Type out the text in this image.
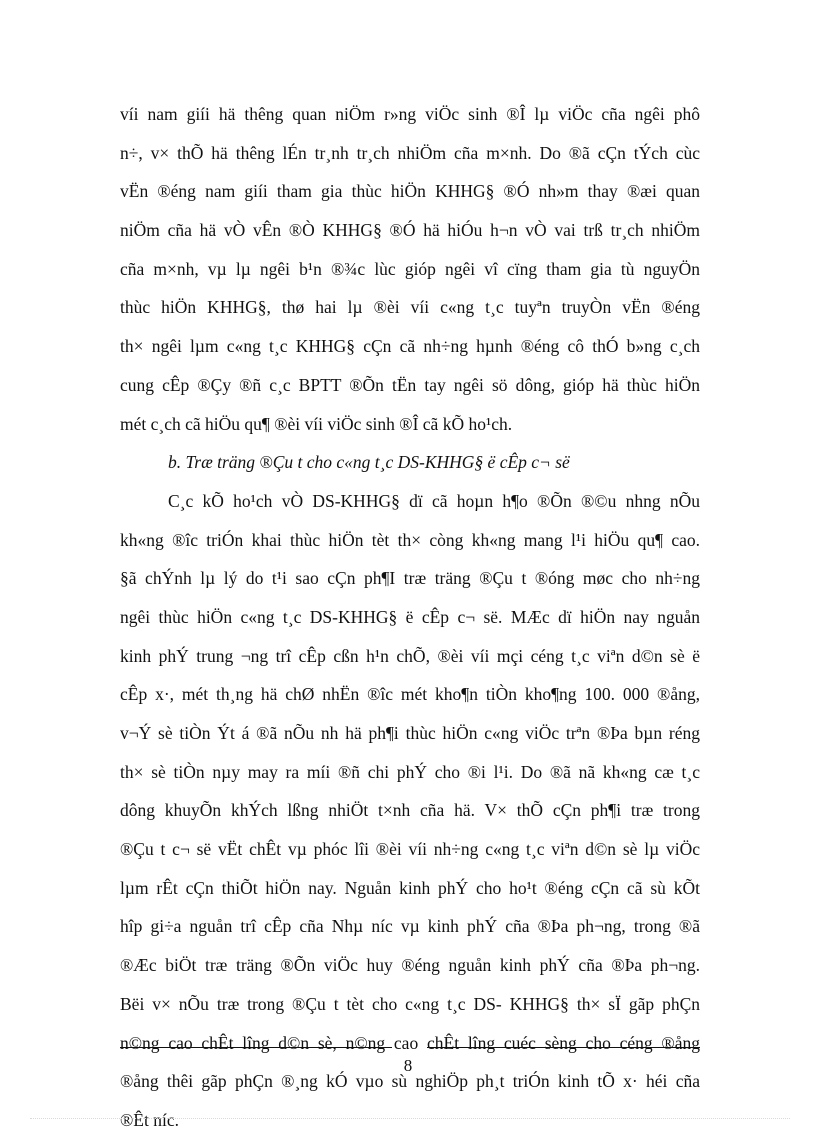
víi nam giíi hä thêng quan niÖm r»ng viÖc sinh ®Î lµ viÖc cña ngêi phô
n÷, v× thÕ hä thêng lÉn tr¸nh tr¸ch nhiÖm cña m×nh. Do ®ã cÇn tÝch cùc
vËn ®éng nam giíi tham gia thùc hiÖn KHHG§ ®Ó nh»m thay ®æi quan
niÖm cña hä vÒ vÊn ®Ò KHHG§ ®Ó hä hiÓu h¬n vÒ vai trß tr¸ch nhiÖm
cña m×nh, vµ lµ ngêi b¹n ®¾c lùc gióp ngêi vî cïng tham gia tù nguyÖn
thùc hiÖn KHHG§, thø hai lµ ®èi víi c«ng t¸c tuyªn truyÒn vËn ®éng
th× ngêi lµm c«ng t¸c KHHG§ cÇn cã nh÷ng hµnh ®éng cô thÓ b»ng c¸ch
cung cÊp ®Çy ®ñ c¸c BPTT ®Õn tËn tay ngêi sö dông, gióp hä thùc hiÖn
mét c¸ch cã hiÖu qu¶ ®èi víi viÖc sinh ®Î cã kÕ ho¹ch.
b. Træ träng ®Çu t cho c«ng t¸c DS-KHHG§ ë cÊp c¬ së
C¸c kÕ ho¹ch vÒ DS-KHHG§ dï cã hoµn h¶o ®Õn ®©u nhng nÕu
kh«ng ®îc triÓn khai thùc hiÖn tèt th× còng kh«ng mang l¹i hiÖu qu¶ cao.
§ã chÝnh lµ lý do t¹i sao cÇn ph¶I træ träng ®Çu t ®óng møc cho nh÷ng
ngêi thùc hiÖn c«ng t¸c DS-KHHG§ ë cÊp c¬ së. MÆc dï hiÖn nay nguån
kinh phÝ trung ¬ng trî cÊp cßn h¹n chÕ, ®èi víi mçi céng t¸c viªn d©n sè ë
cÊp x·, mét th¸ng hä chØ nhËn ®îc mét kho¶n tiÒn kho¶ng 100. 000 ®ång,
v¬Ý sè tiÒn Ýt á ®ã nÕu nh hä ph¶i thùc hiÖn c«ng viÖc trªn ®Þa bµn réng
th× sè tiÒn nµy may ra míi ®ñ chi phÝ cho ®i l¹i. Do ®ã nã kh«ng cæ t¸c
dông khuyÕn khÝch lßng nhiÖt t×nh cña hä. V× thÕ cÇn ph¶i træ trong
®Çu t c¬ së vËt chÊt vµ phóc lîi ®èi víi nh÷ng c«ng t¸c viªn d©n sè lµ viÖc
lµm rÊt cÇn thiÕt hiÖn nay. Nguån kinh phÝ cho ho¹t ®éng cÇn cã sù kÕt
hîp gi÷a nguån trî cÊp cña Nhµ níc vµ kinh phÝ cña ®Þa ph¬ng, trong ®ã
®Æc biÖt træ träng ®Õn viÖc huy ®éng nguån kinh phÝ cña ®Þa ph¬ng.
Bëi v× nÕu træ trong ®Çu t tèt cho c«ng t¸c DS- KHHG§ th× sÏ gãp phÇn
n©ng cao chÊt lîng d©n sè, n©ng cao chÊt lîng cuéc sèng cho céng ®ång
®ång thêi gãp phÇn ®¸ng kÓ vµo sù nghiÖp ph¸t triÓn kinh tÕ x· héi cña
®Êt níc.
8
